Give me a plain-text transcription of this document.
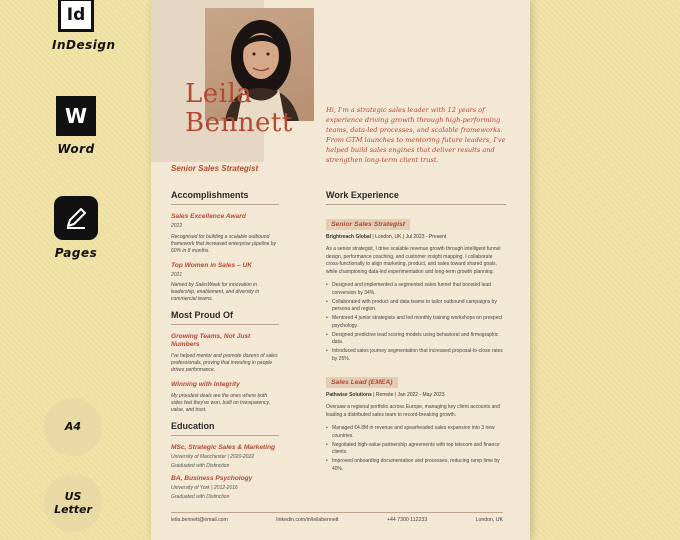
Id
InDesign
W
Word
Pages
A4
US
Letter
Leila
Bennett
Senior Sales Strategist
Hi, I'm a strategic sales leader with 12 years of experience driving growth through high-performing teams, data-led processes, and scalable frameworks. From GTM launches to mentoring future leaders, I've helped build sales engines that deliver results and strengthen long-term client trust.
Accomplishments
Sales Excellence Award
2022
Recognised for building a scalable outbound framework that increased enterprise pipeline by 60% in 8 months.
Top Women in Sales – UK
2021
Named by SalesWeek for innovation in leadership, enablement, and diversity in commercial teams.
Most Proud Of
Growing Teams, Not Just Numbers
I've helped mentor and promote dozens of sales professionals, proving that investing in people drives performance.
Winning with Integrity
My proudest deals are the ones where both sides feel they've won, built on transparency, value, and trust.
Education
MSc, Strategic Sales & Marketing
University of Manchester | 2020-2022
Graduated with Distinction
BA, Business Psychology
University of York | 2012-2016
Graduated with Distinction
Work Experience
Senior Sales Strategist
Brightreach Global | London, UK | Jul 2023 - Present
As a senior strategist, I drive scalable revenue growth through intelligent funnel design, performance coaching, and customer insight mapping. I collaborate cross-functionally to align marketing, product, and sales toward shared goals, while championing data-led experimentation and long-term growth planning.
• Designed and implemented a segmented sales funnel that boosted lead conversion by 34%.
• Collaborated with product and data teams to tailor outbound campaigns by persona and region.
• Mentored 4 junior strategists and led monthly training workshops on prospect psychology.
• Designed predictive lead scoring models using behavioral and firmographic data.
• Introduced sales journey segmentation that increased proposal-to-close rates by 25%.
Sales Lead (EMEA)
Pathwise Solutions | Remote | Jan 2022 - May 2023
Oversaw a regional portfolio across Europe, managing key client accounts and leading a distributed sales team to record-breaking growth.
• Managed €4.8M in revenue and spearheaded sales expansion into 3 new countries.
• Negotiated high-value partnership agreements with top telecom and finance clients.
• Improved onboarding documentation and processes, reducing ramp time by 40%.
leila.bennett@email.com	linkedin.com/in/leilabennett	+44 7300 112233	London, UK
